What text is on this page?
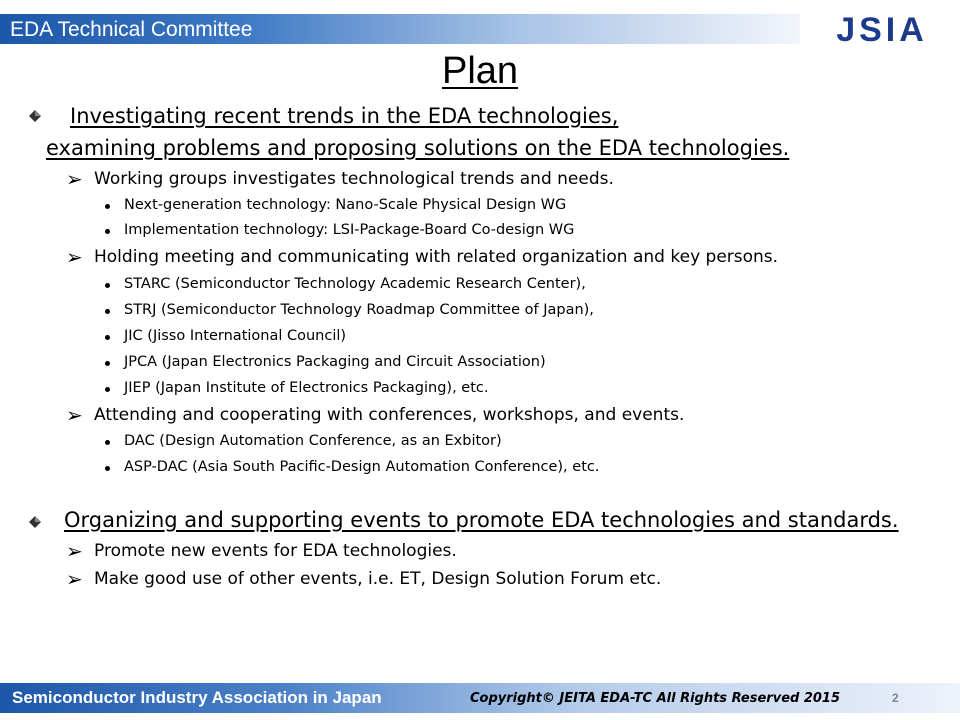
EDA Technical Committee	JSIA
Plan
Investigating recent trends in the EDA technologies,
examining problems and proposing solutions on the EDA technologies.
➢ Working groups investigates technological trends and needs.
Next-generation technology: Nano-Scale Physical Design WG
Implementation technology: LSI-Package-Board Co-design WG
➢ Holding meeting and communicating with related organization and key persons.
STARC (Semiconductor Technology Academic Research Center),
STRJ (Semiconductor Technology Roadmap Committee of Japan),
JIC (Jisso International Council)
JPCA (Japan Electronics Packaging and Circuit Association)
JIEP (Japan Institute of Electronics Packaging), etc.
➢ Attending and cooperating with conferences, workshops, and events.
DAC (Design Automation Conference, as an Exbitor)
ASP-DAC (Asia South Pacific-Design Automation Conference), etc.
Organizing and supporting events to promote EDA technologies and standards.
➢ Promote new events for EDA technologies.
➢ Make good use of other events, i.e. ET, Design Solution Forum etc.
Semiconductor Industry Association in Japan	Copyright© JEITA EDA-TC All Rights Reserved 2015	2
